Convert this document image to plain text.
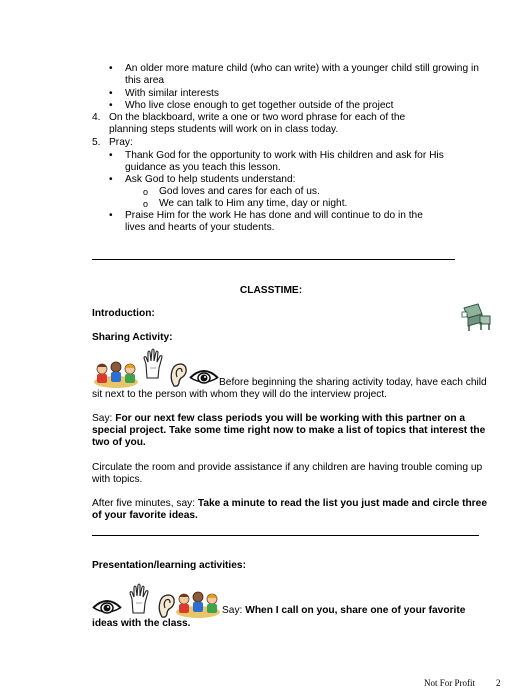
• An older more mature child (who can write) with a younger child still growing in
this area
• With similar interests
• Who live close enough to get together outside of the project
4. On the blackboard, write a one or two word phrase for each of the
planning steps students will work on in class today.
5. Pray:
• Thank God for the opportunity to work with His children and ask for His
guidance as you teach this lesson.
• Ask God to help students understand:
o God loves and cares for each of us.
o We can talk to Him any time, day or night.
• Praise Him for the work He has done and will continue to do in the
lives and hearts of your students.
CLASSTIME:
Introduction:
Sharing Activity:
Before beginning the sharing activity today, have each child
sit next to the person with whom they will do the interview project.
Say: For our next few class periods you will be working with this partner on a
special project. Take some time right now to make a list of topics that interest the
two of you.
Circulate the room and provide assistance if any children are having trouble coming up
with topics.
After five minutes, say: Take a minute to read the list you just made and circle three
of your favorite ideas.
Presentation/learning activities:
Say: When I call on you, share one of your favorite
ideas with the class.
Not For Profit 2
